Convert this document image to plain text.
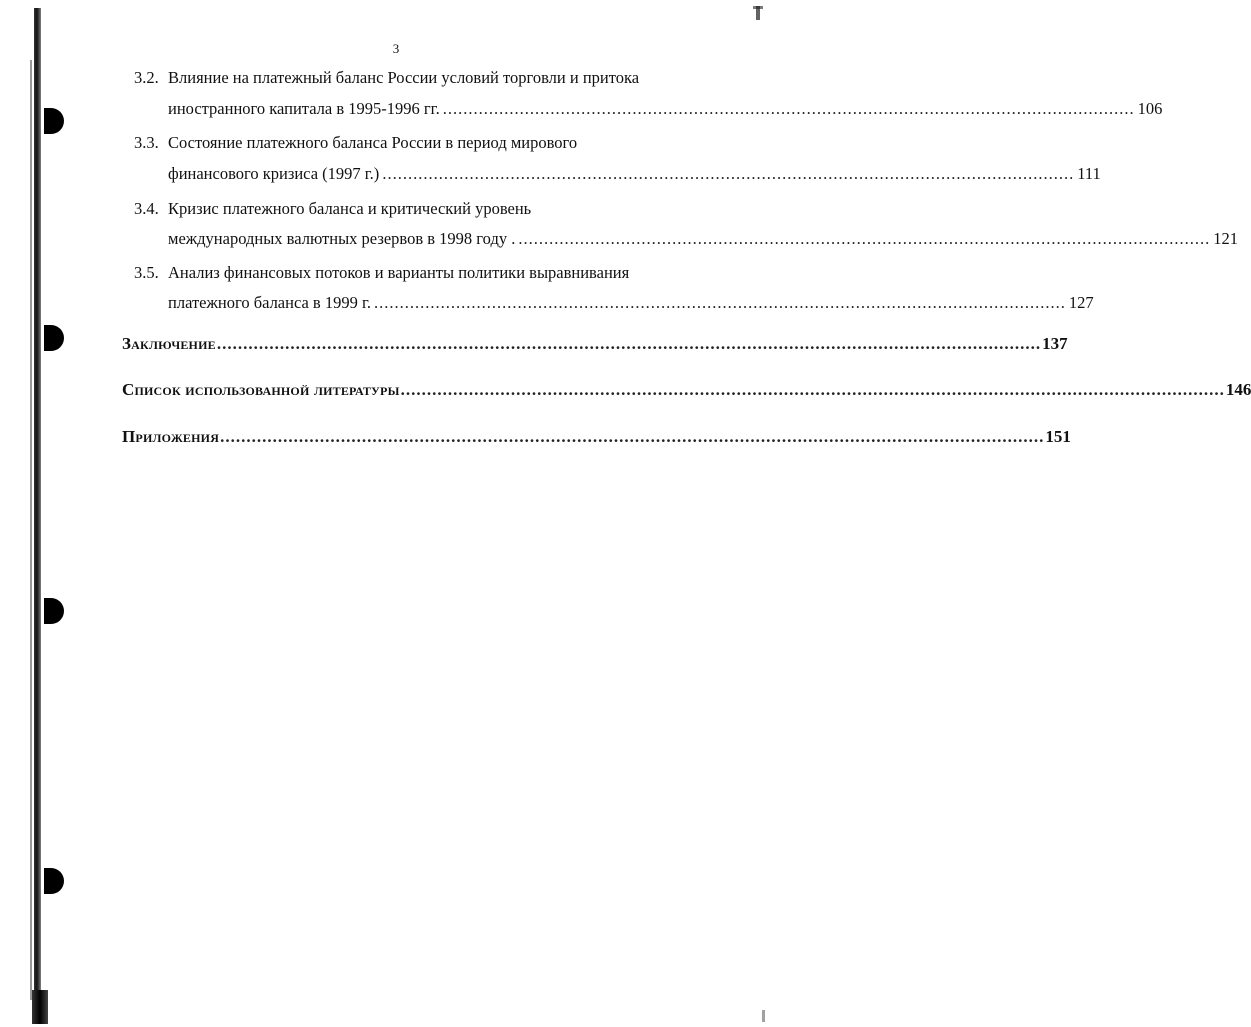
3
3.2. Влияние на платежный баланс России условий торговли и притока
иностранного капитала в 1995-1996 гг. ....................................................................................................................................... 106
3.3. Состояние платежного баланса России в период мирового
финансового кризиса (1997 г.) ....................................................................................................................................... 111
3.4. Кризис платежного баланса и критический уровень
международных валютных резервов в 1998 году . ....................................................................................................................................... 121
3.5. Анализ финансовых потоков и варианты политики выравнивания
платежного баланса в 1999 г. ....................................................................................................................................... 127
Заключение ............................................................................................................................................................. 137
Список использованной литературы ............................................................................................................................................................. 146
Приложения ............................................................................................................................................................. 151
